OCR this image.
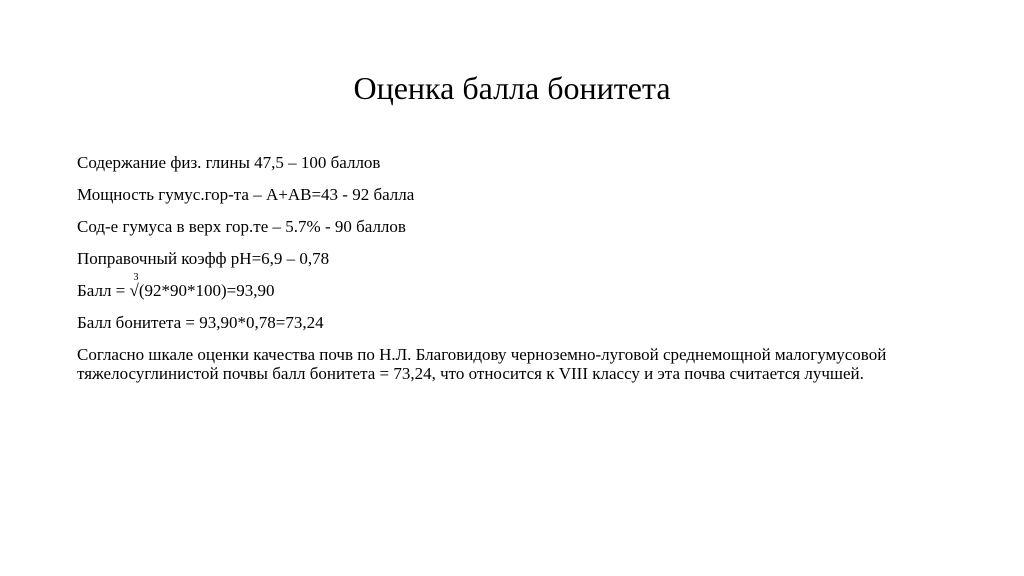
Оценка балла бонитета

Содержание физ. глины 47,5 – 100 баллов

Мощность гумус.гор-та – А+АВ=43 - 92 балла

Сод-е гумуса в верх гор.те – 5.7% - 90 баллов

Поправочный коэфф рН=6,9 – 0,78

Балл =
3
√(92*90*100)=93,90

Балл бонитета = 93,90*0,78=73,24

Согласно шкале оценки качества почв по Н.Л. Благовидову черноземно-луговой среднемощной малогумусовой тяжелосуглинистой почвы балл бонитета = 73,24, что относится к VIII классу и эта почва считается лучшей.
